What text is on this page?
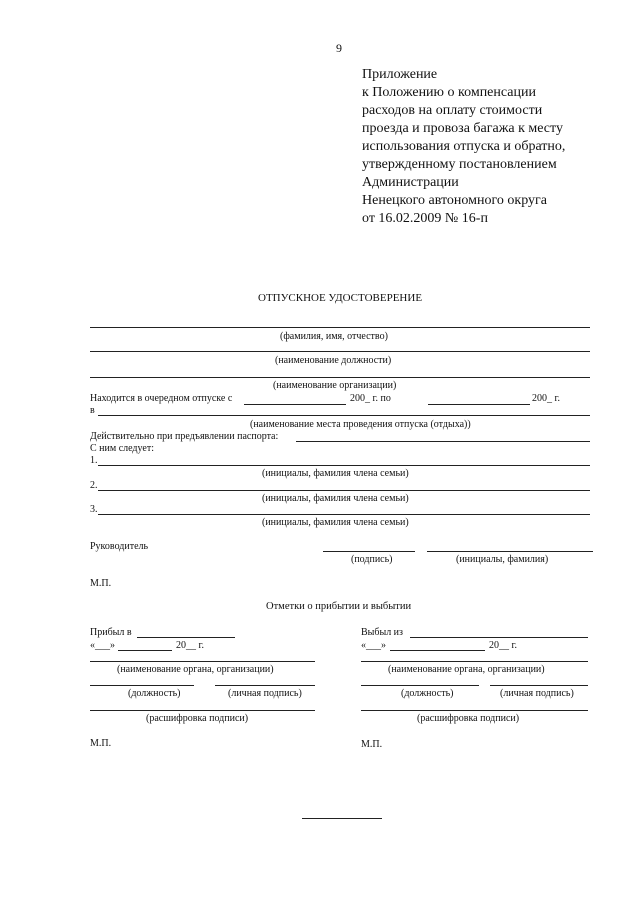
9
Приложение
к Положению о компенсации
расходов на оплату стоимости
проезда и провоза багажа к месту
использования отпуска и обратно,
утвержденному постановлением
Администрации
Ненецкого автономного округа
от 16.02.2009 № 16-п
ОТПУСКНОЕ УДОСТОВЕРЕНИЕ
(фамилия, имя, отчество)
(наименование должности)
(наименование организации)
Находится в очередном отпуске с	200_ г. по	200_ г.
в
(наименование места проведения отпуска (отдыха))
Действительно при предъявлении паспорта:
С ним следует:
1.
(инициалы, фамилия члена семьи)
2.
(инициалы, фамилия члена семьи)
3.
(инициалы, фамилия члена семьи)
Руководитель
(подпись)	(инициалы, фамилия)
М.П.
Отметки о прибытии и выбытии
Прибыл в
«___»	20__ г.
(наименование органа, организации)
(должность)	(личная подпись)
(расшифровка подписи)
М.П.
Выбыл из
«___»	20__ г.
(наименование органа, организации)
(должность)	(личная подпись)
(расшифровка подписи)
М.П.
